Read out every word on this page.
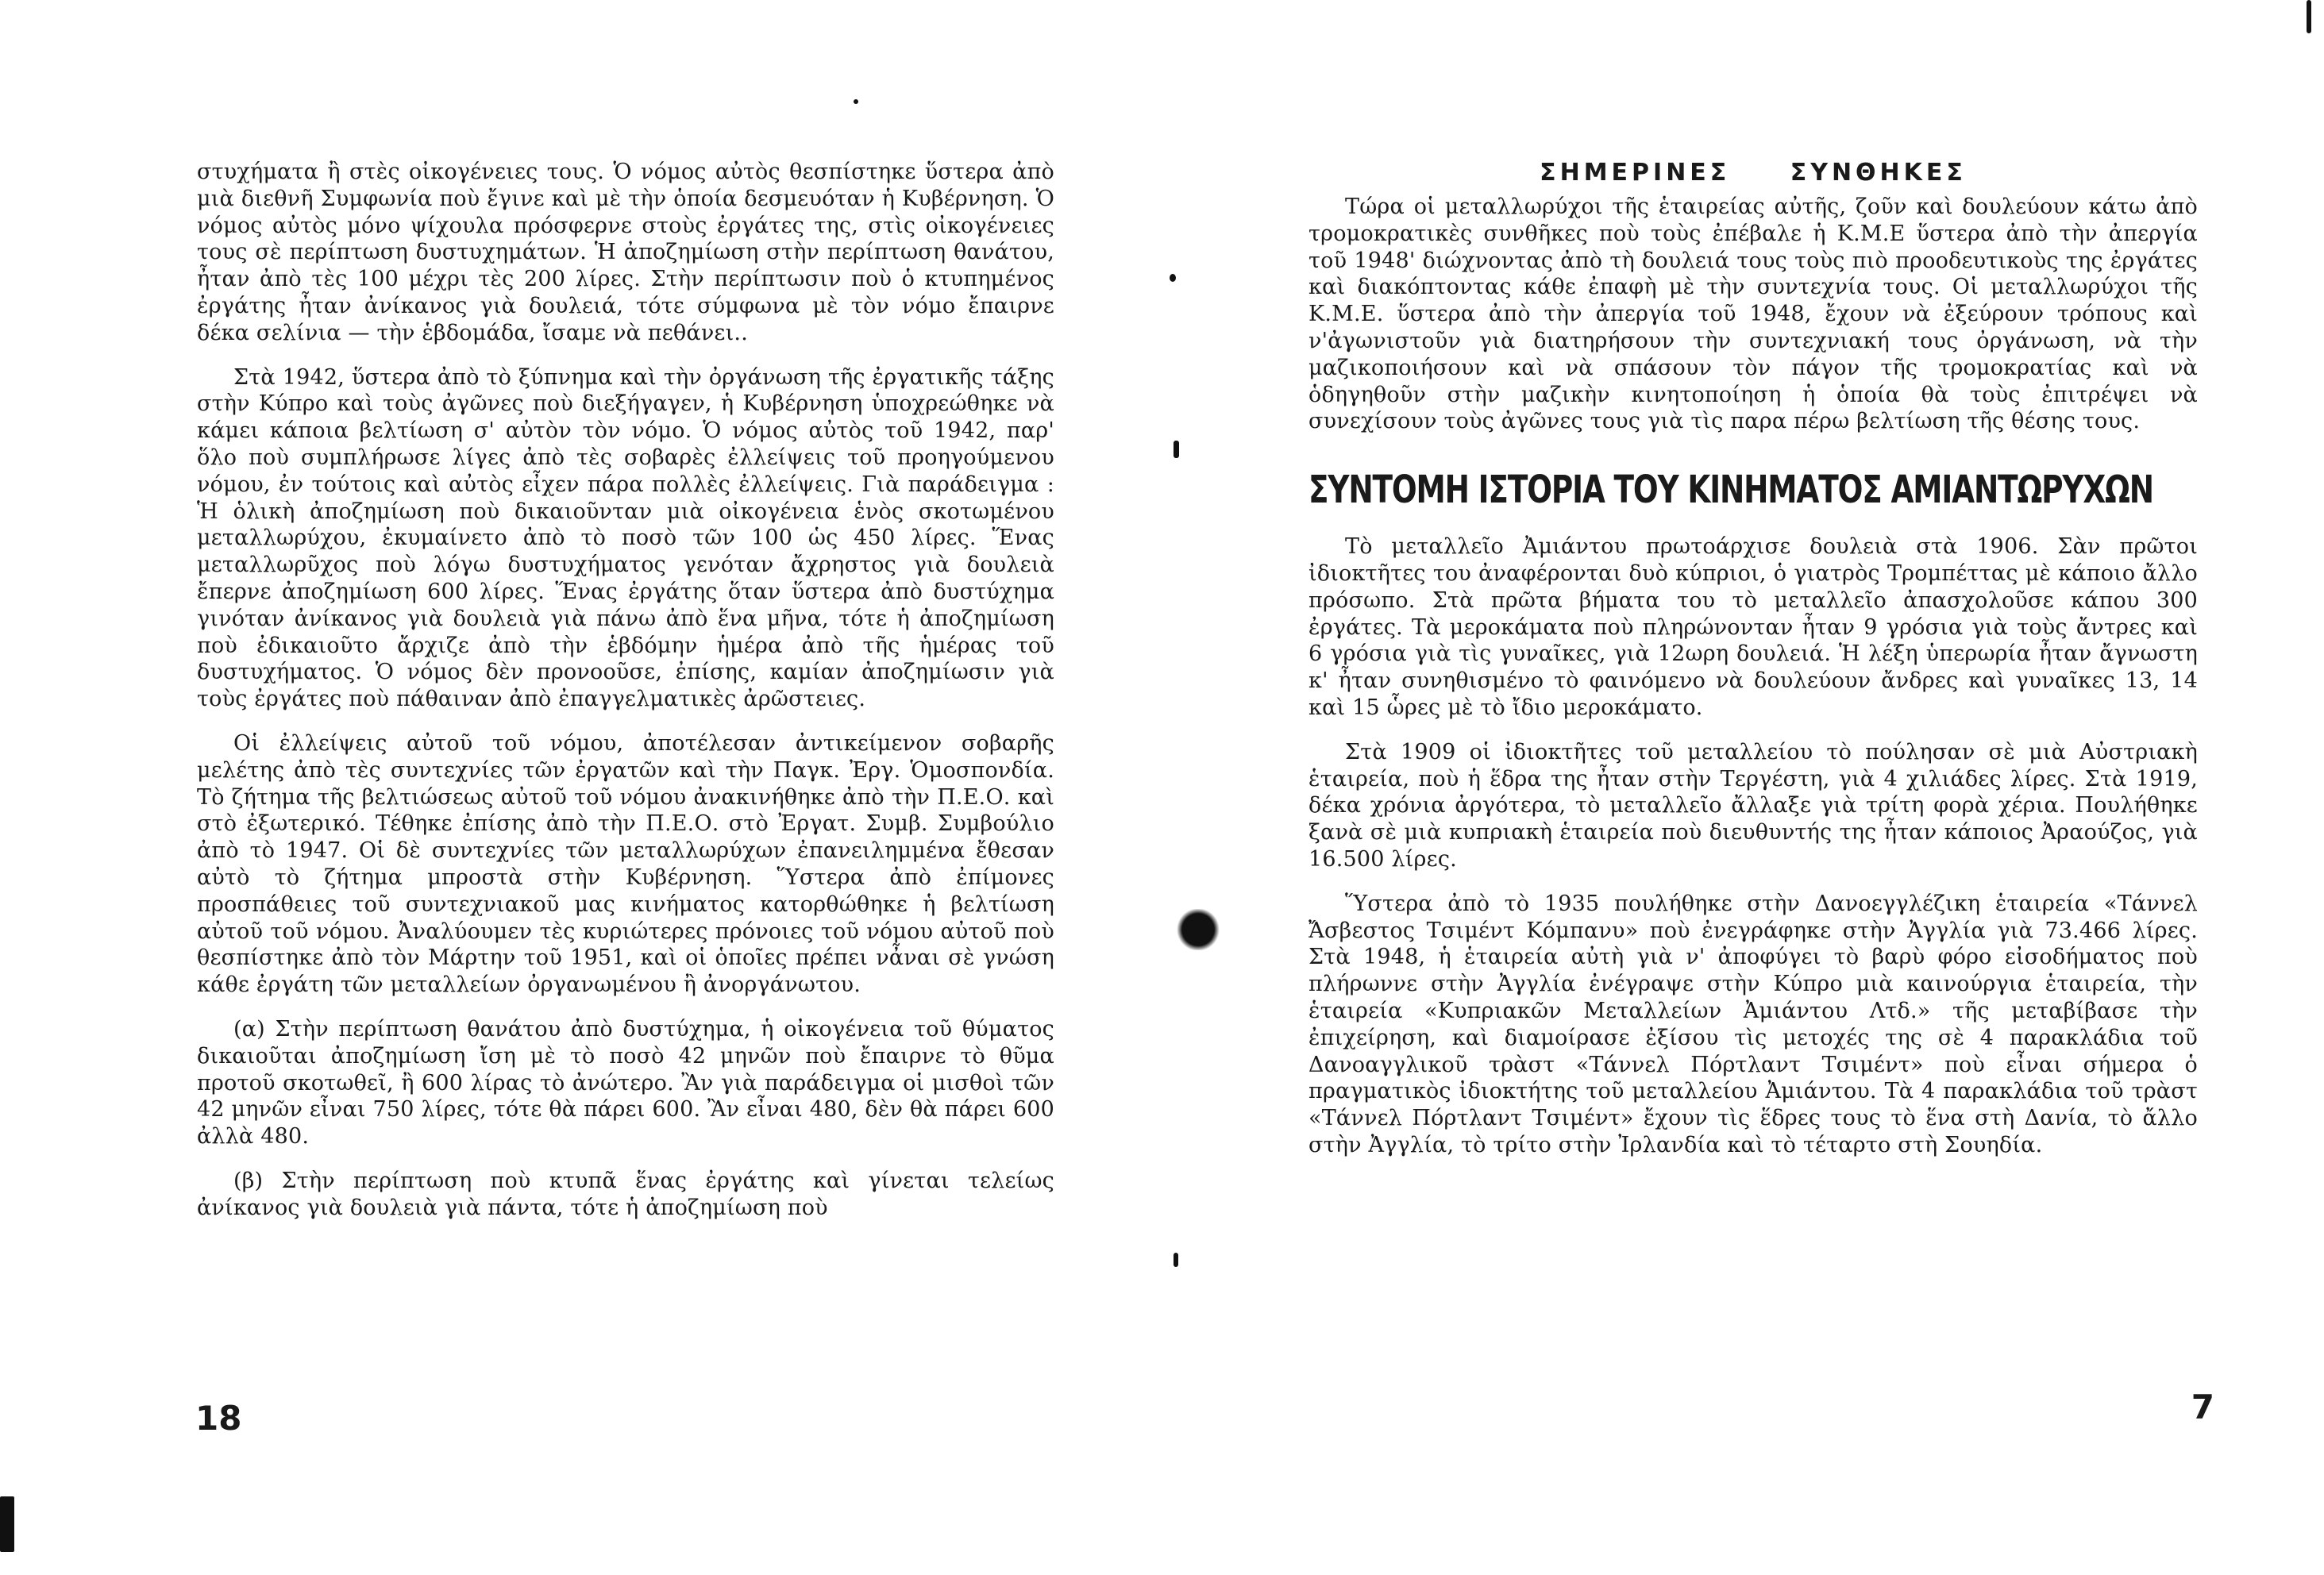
στυχήματα ἢ στὲς οἰκογένειες τους. Ὁ νόμος αὐτὸς θεσπίστηκε ὕστερα ἀπὸ μιὰ διεθνῆ Συμφωνία ποὺ ἔγινε καὶ μὲ τὴν ὁποία δεσμευόταν ἡ Κυβέρνηση. Ὁ νόμος αὐτὸς μόνο ψίχουλα πρόσφερνε στοὺς ἐργάτες της, στὶς οἰκογένειες τους σὲ περίπτωση δυστυχημάτων. Ἡ ἀποζημίωση στὴν περίπτωση θανάτου, ἦταν ἀπὸ τὲς 100 μέχρι τὲς 200 λίρες. Στὴν περίπτωσιν ποὺ ὁ κτυπημένος ἐργάτης ἦταν ἀνίκανος γιὰ δουλειά, τότε σύμφωνα μὲ τὸν νόμο ἔπαιρνε δέκα σελίνια — τὴν ἑβδομάδα, ἴσαμε νὰ πεθάνει..

Στὰ 1942, ὕστερα ἀπὸ τὸ ξύπνημα καὶ τὴν ὀργάνωση τῆς ἐργατικῆς τάξης στὴν Κύπρο καὶ τοὺς ἀγῶνες ποὺ διεξήγαγεν, ἡ Κυβέρνηση ὑποχρεώθηκε νὰ κάμει κάποια βελτίωση σ' αὐτὸν τὸν νόμο. Ὁ νόμος αὐτὸς τοῦ 1942, παρ' ὅλο ποὺ συμπλήρωσε λίγες ἀπὸ τὲς σοβαρὲς ἐλλείψεις τοῦ προηγούμενου νόμου, ἐν τούτοις καὶ αὐτὸς εἶχεν πάρα πολλὲς ἐλλείψεις. Γιὰ παράδειγμα : Ἡ ὁλικὴ ἀποζημίωση ποὺ δικαιοῦνταν μιὰ οἰκογένεια ἑνὸς σκοτωμένου μεταλλωρύχου, ἐκυμαίνετο ἀπὸ τὸ ποσὸ τῶν 100 ὡς 450 λίρες. Ἕνας μεταλλωρῦχος ποὺ λόγω δυστυχήματος γενόταν ἄχρηστος γιὰ δουλειὰ ἔπερνε ἀποζημίωση 600 λίρες. Ἕνας ἐργάτης ὅταν ὕστερα ἀπὸ δυστύχημα γινόταν ἀνίκανος γιὰ δουλειὰ γιὰ πάνω ἀπὸ ἕνα μῆνα, τότε ἡ ἀποζημίωση ποὺ ἐδικαιοῦτο ἄρχιζε ἀπὸ τὴν ἑβδόμην ἡμέρα ἀπὸ τῆς ἡμέρας τοῦ δυστυχήματος. Ὁ νόμος δὲν προνοοῦσε, ἐπίσης, καμίαν ἀποζημίωσιν γιὰ τοὺς ἐργάτες ποὺ πάθαιναν ἀπὸ ἐπαγγελματικὲς ἀρῶστειες.

Οἱ ἐλλείψεις αὐτοῦ τοῦ νόμου, ἀποτέλεσαν ἀντικείμενον σοβαρῆς μελέτης ἀπὸ τὲς συντεχνίες τῶν ἐργατῶν καὶ τὴν Παγκ. Ἐργ. Ὁμοσπονδία. Τὸ ζήτημα τῆς βελτιώσεως αὐτοῦ τοῦ νόμου ἀνακινήθηκε ἀπὸ τὴν Π.Ε.Ο. καὶ στὸ ἐξωτερικό. Τέθηκε ἐπίσης ἀπὸ τὴν Π.Ε.Ο. στὸ Ἐργατ. Συμβ. Συμβούλιο ἀπὸ τὸ 1947. Οἱ δὲ συντεχνίες τῶν μεταλλωρύχων ἐπανειλημμένα ἔθεσαν αὐτὸ τὸ ζήτημα μπροστὰ στὴν Κυβέρνηση. Ὕστερα ἀπὸ ἐπίμονες προσπάθειες τοῦ συντεχνιακοῦ μας κινήματος κατορθώθηκε ἡ βελτίωση αὐτοῦ τοῦ νόμου. Ἀναλύουμεν τὲς κυριώτερες πρόνοιες τοῦ νόμου αὐτοῦ ποὺ θεσπίστηκε ἀπὸ τὸν Μάρτην τοῦ 1951, καὶ οἱ ὁποῖες πρέπει νἆναι σὲ γνώση κάθε ἐργάτη τῶν μεταλλείων ὀργανωμένου ἢ ἀνοργάνωτου.

(α) Στὴν περίπτωση θανάτου ἀπὸ δυστύχημα, ἡ οἰκογένεια τοῦ θύματος δικαιοῦται ἀποζημίωση ἴση μὲ τὸ ποσὸ 42 μηνῶν ποὺ ἔπαιρνε τὸ θῦμα προτοῦ σκοτωθεῖ, ἢ 600 λίρας τὸ ἀνώτερο. Ἂν γιὰ παράδειγμα οἱ μισθοὶ τῶν 42 μηνῶν εἶναι 750 λίρες, τότε θὰ πάρει 600. Ἂν εἶναι 480, δὲν θὰ πάρει 600 ἀλλὰ 480.

(β) Στὴν περίπτωση ποὺ κτυπᾶ ἕνας ἐργάτης καὶ γίνεται τελείως ἀνίκανος γιὰ δουλειὰ γιὰ πάντα, τότε ἡ ἀποζημίωση ποὺ

18
ΣΗΜΕΡΙΝΕΣ ΣΥΝΘΗΚΕΣ

Τώρα οἱ μεταλλωρύχοι τῆς ἑταιρείας αὐτῆς, ζοῦν καὶ δουλεύουν κάτω ἀπὸ τρομοκρατικὲς συνθῆκες ποὺ τοὺς ἐπέβαλε ἡ Κ.Μ.Ε ὕστερα ἀπὸ τὴν ἀπεργία τοῦ 1948' διώχνοντας ἀπὸ τὴ δουλειά τους τοὺς πιὸ προοδευτικοὺς της ἐργάτες καὶ διακόπτοντας κάθε ἐπαφὴ μὲ τὴν συντεχνία τους. Οἱ μεταλλωρύχοι τῆς Κ.Μ.Ε. ὕστερα ἀπὸ τὴν ἀπεργία τοῦ 1948, ἔχουν νὰ ἐξεύρουν τρόπους καὶ ν'ἀγωνιστοῦν γιὰ διατηρήσουν τὴν συντεχνιακή τους ὀργάνωση, νὰ τὴν μαζικοποιήσουν καὶ νὰ σπάσουν τὸν πάγον τῆς τρομοκρατίας καὶ νὰ ὁδηγηθοῦν στὴν μαζικὴν κινητοποίηση ἡ ὁποία θὰ τοὺς ἐπιτρέψει νὰ συνεχίσουν τοὺς ἀγῶνες τους γιὰ τὶς παρα πέρω βελτίωση τῆς θέσης τους.

ΣΥΝΤΟΜΗ ΙΣΤΟΡΙΑ ΤΟΥ ΚΙΝΗΜΑΤΟΣ ΑΜΙΑΝΤΩΡΥΧΩΝ

Τὸ μεταλλεῖο Ἀμιάντου πρωτοάρχισε δουλειὰ στὰ 1906. Σὰν πρῶτοι ἰδιοκτῆτες του ἀναφέρονται δυὸ κύπριοι, ὁ γιατρὸς Τρομπέττας μὲ κάποιο ἄλλο πρόσωπο. Στὰ πρῶτα βήματα του τὸ μεταλλεῖο ἀπασχολοῦσε κάπου 300 ἐργάτες. Τὰ μεροκάματα ποὺ πληρώνονταν ἦταν 9 γρόσια γιὰ τοὺς ἄντρες καὶ 6 γρόσια γιὰ τὶς γυναῖκες, γιὰ 12ωρη δουλειά. Ἡ λέξη ὑπερωρία ἦταν ἄγνωστη κ' ἦταν συνηθισμένο τὸ φαινόμενο νὰ δουλεύουν ἄνδρες καὶ γυναῖκες 13, 14 καὶ 15 ὧρες μὲ τὸ ἴδιο μεροκάματο.

Στὰ 1909 οἱ ἰδιοκτῆτες τοῦ μεταλλείου τὸ πούλησαν σὲ μιὰ Αὐστριακὴ ἑταιρεία, ποὺ ἡ ἕδρα της ἦταν στὴν Τεργέστη, γιὰ 4 χιλιάδες λίρες. Στὰ 1919, δέκα χρόνια ἀργότερα, τὸ μεταλλεῖο ἄλλαξε γιὰ τρίτη φορὰ χέρια. Πουλήθηκε ξανὰ σὲ μιὰ κυπριακὴ ἑταιρεία ποὺ διευθυντής της ἦταν κάποιος Ἀραούζος, γιὰ 16.500 λίρες.

Ὕστερα ἀπὸ τὸ 1935 πουλήθηκε στὴν Δανοεγγλέζικη ἑταιρεία «Τάννελ Ἄσβεστος Τσιμέντ Κόμπανυ» ποὺ ἐνεγράφηκε στὴν Ἀγγλία γιὰ 73.466 λίρες. Στὰ 1948, ἡ ἑταιρεία αὐτὴ γιὰ ν' ἀποφύγει τὸ βαρὺ φόρο εἰσοδήματος ποὺ πλήρωννε στὴν Ἀγγλία ἐνέγραψε στὴν Κύπρο μιὰ καινούργια ἑταιρεία, τὴν ἑταιρεία «Κυπριακῶν Μεταλλείων Ἀμιάντου Λτδ.» τῆς μεταβίβασε τὴν ἐπιχείρηση, καὶ διαμοίρασε ἐξίσου τὶς μετοχές της σὲ 4 παρακλάδια τοῦ Δανοαγγλικοῦ τρὰστ «Τάννελ Πόρτλαντ Τσιμέντ» ποὺ εἶναι σήμερα ὁ πραγματικὸς ἰδιοκτήτης τοῦ μεταλλείου Ἀμιάντου. Τὰ 4 παρακλάδια τοῦ τρὰστ «Τάννελ Πόρτλαντ Τσιμέντ» ἔχουν τὶς ἕδρες τους τὸ ἕνα στὴ Δανία, τὸ ἄλλο στὴν Ἀγγλία, τὸ τρίτο στὴν Ἰρλανδία καὶ τὸ τέταρτο στὴ Σουηδία.

7
